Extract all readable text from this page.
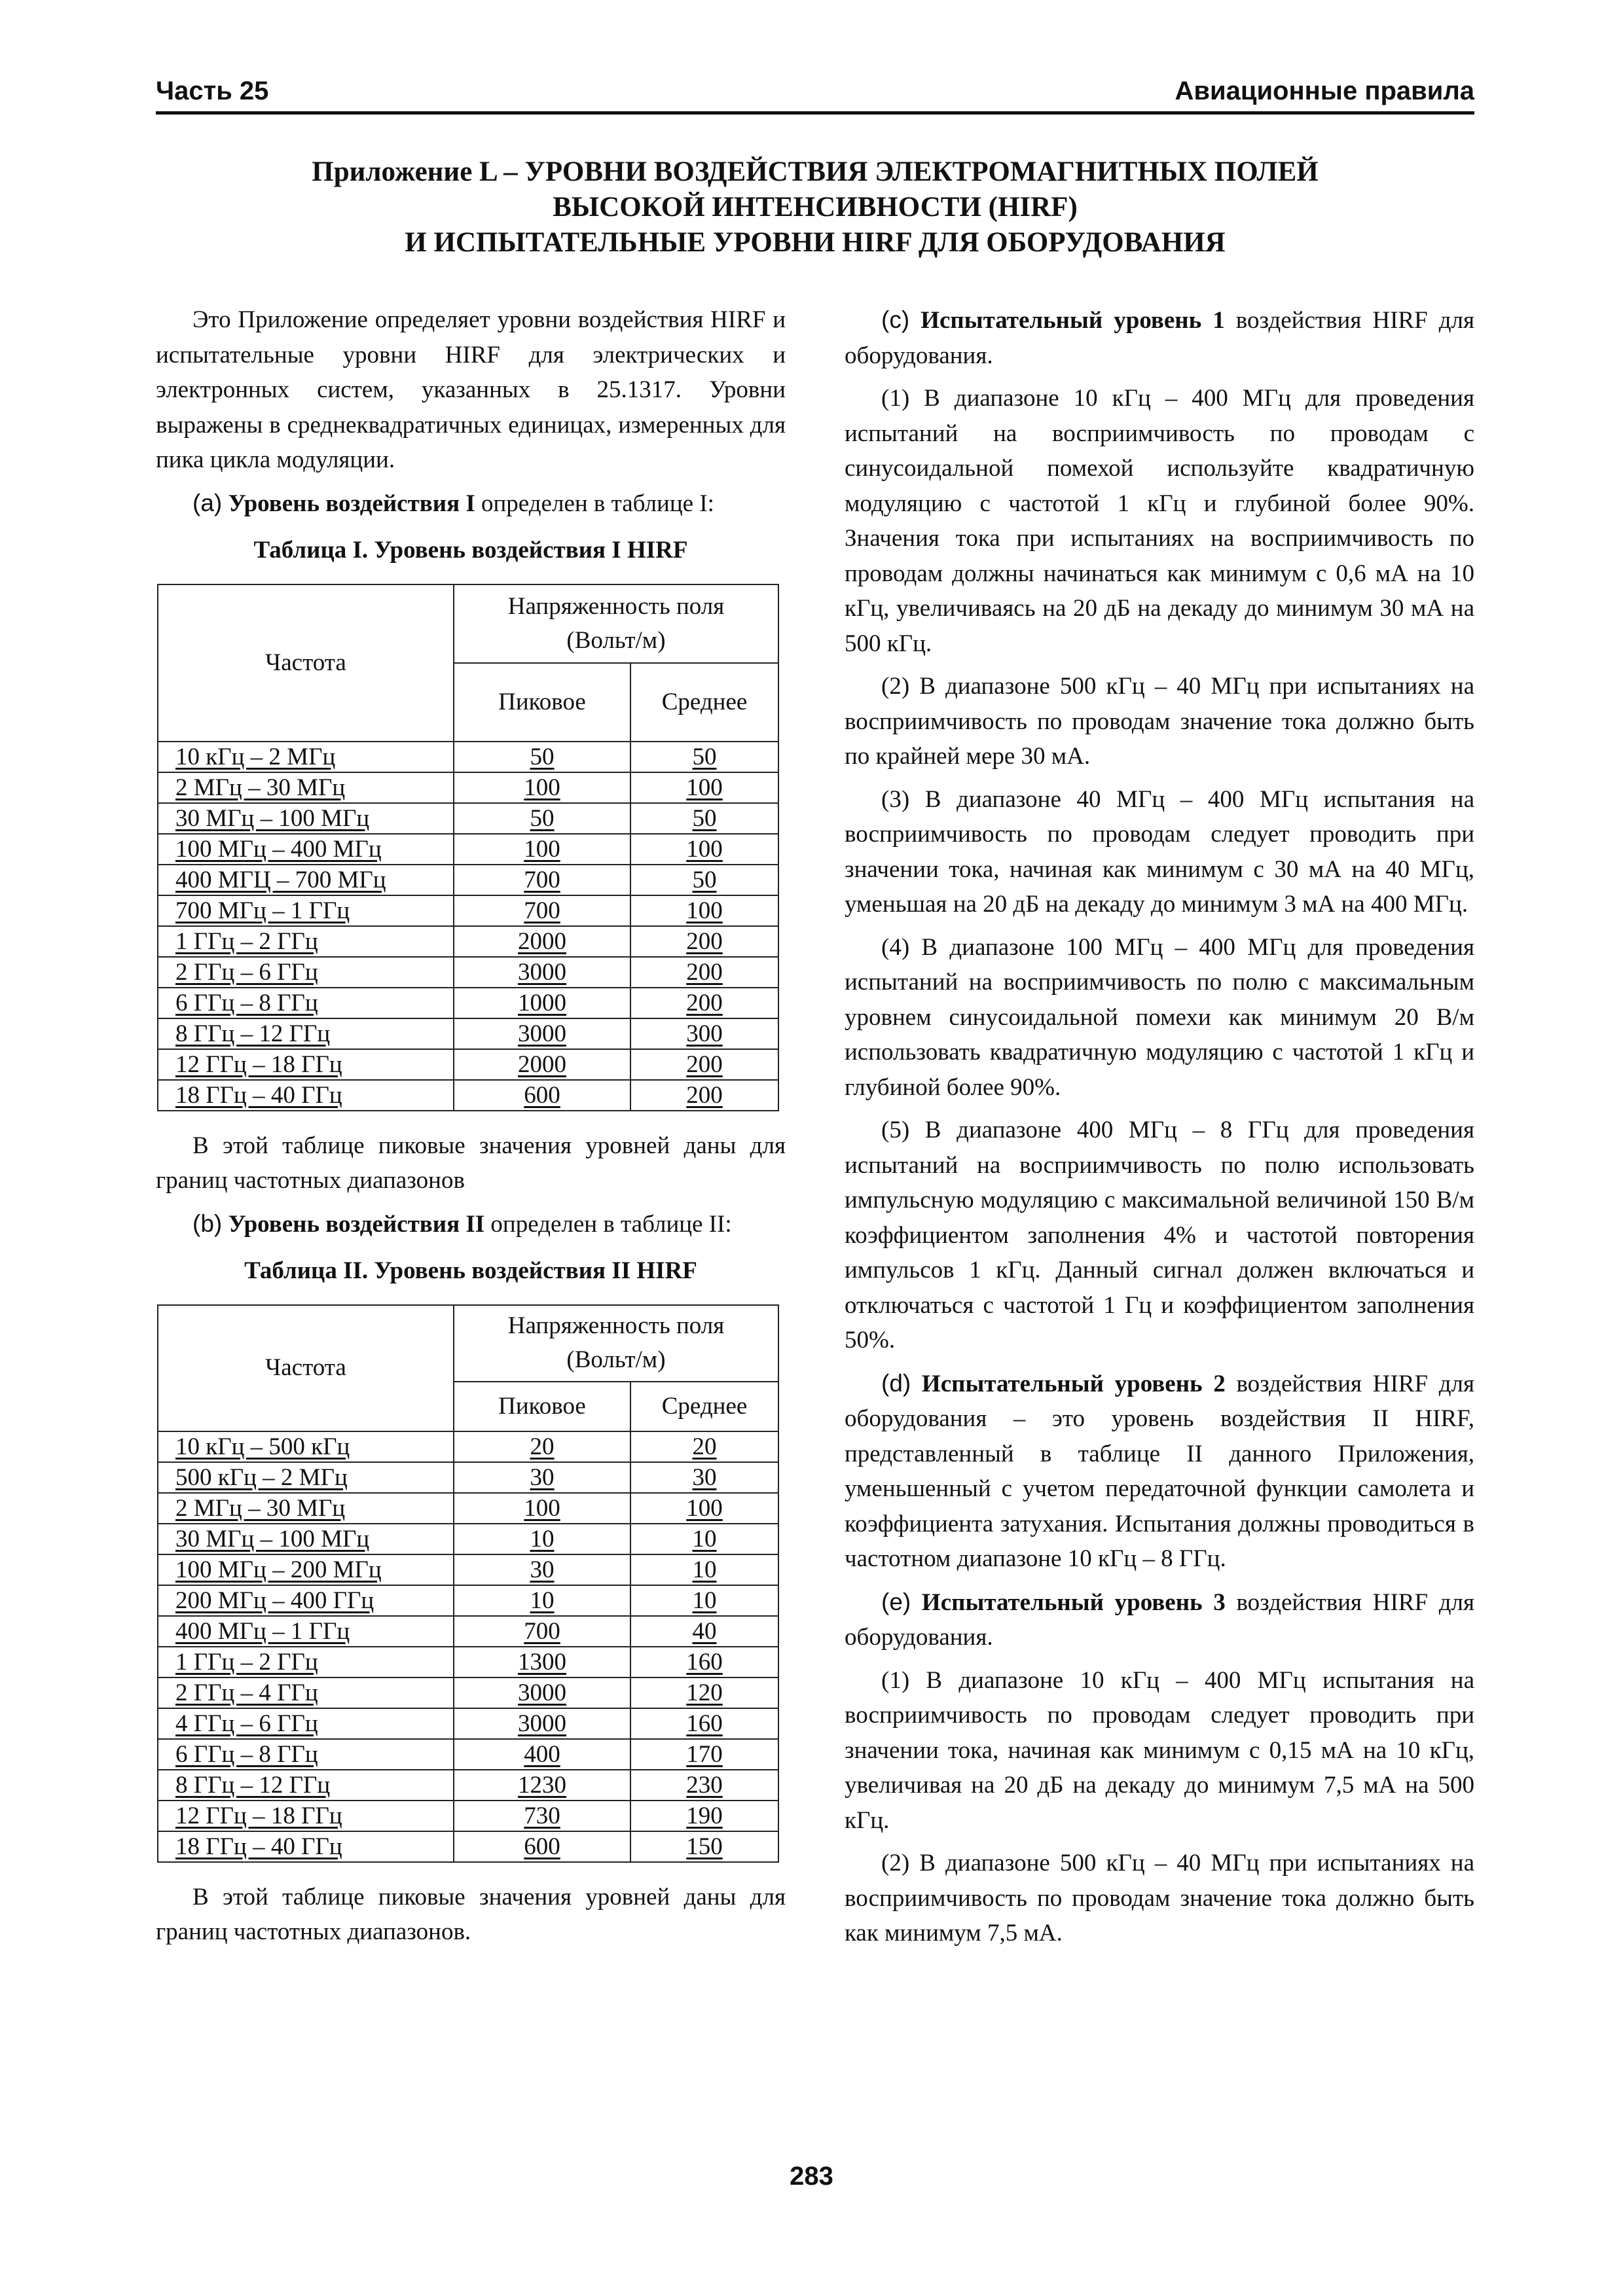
Часть 25	Авиационные правила
Приложение L – УРОВНИ ВОЗДЕЙСТВИЯ ЭЛЕКТРОМАГНИТНЫХ ПОЛЕЙ
ВЫСОКОЙ ИНТЕНСИВНОСТИ (HIRF)
И ИСПЫТАТЕЛЬНЫЕ УРОВНИ HIRF ДЛЯ ОБОРУДОВАНИЯ

Это Приложение определяет уровни воздействия HIRF и испытательные уровни HIRF для электрических и электронных систем, указанных в 25.1317. Уровни выражены в среднеквадратичных единицах, измеренных для пика цикла модуляции.

(a) Уровень воздействия I определен в таблице I:

Таблица I. Уровень воздействия I HIRF
Частота	Напряженность поля (Вольт/м)	
	Пиковое	Среднее
10 кГц – 2 МГц	50	50
2 МГц – 30 МГц	100	100
30 МГц – 100 МГц	50	50
100 МГц – 400 МГц	100	100
400 МГЦ – 700 МГц	700	50
700 МГц – 1 ГГц	700	100
1 ГГц – 2 ГГц	2000	200
2 ГГц – 6 ГГц	3000	200
6 ГГц – 8 ГГц	1000	200
8 ГГц – 12 ГГц	3000	300
12 ГГц – 18 ГГц	2000	200
18 ГГц – 40 ГГц	600	200

В этой таблице пиковые значения уровней даны для границ частотных диапазонов

(b) Уровень воздействия II определен в таблице II:

Таблица II. Уровень воздействия II HIRF
Частота	Напряженность поля (Вольт/м)	
	Пиковое	Среднее
10 кГц – 500 кГц	20	20
500 кГц – 2 МГц	30	30
2 МГц – 30 МГц	100	100
30 МГц – 100 МГц	10	10
100 МГц – 200 МГц	30	10
200 МГц – 400 ГГц	10	10
400 МГц – 1 ГГц	700	40
1 ГГц – 2 ГГц	1300	160
2 ГГц – 4 ГГц	3000	120
4 ГГц – 6 ГГц	3000	160
6 ГГц – 8 ГГц	400	170
8 ГГц – 12 ГГц	1230	230
12 ГГц – 18 ГГц	730	190
18 ГГц – 40 ГГц	600	150

В этой таблице пиковые значения уровней даны для границ частотных диапазонов.

(c) Испытательный уровень 1 воздействия HIRF для оборудования.

(1) В диапазоне 10 кГц – 400 МГц для проведения испытаний на восприимчивость по проводам с синусоидальной помехой используйте квадратичную модуляцию с частотой 1 кГц и глубиной более 90%. Значения тока при испытаниях на восприимчивость по проводам должны начинаться как минимум с 0,6 мА на 10 кГц, увеличиваясь на 20 дБ на декаду до минимум 30 мА на 500 кГц.

(2) В диапазоне 500 кГц – 40 МГц при испытаниях на восприимчивость по проводам значение тока должно быть по крайней мере 30 мА.

(3) В диапазоне 40 МГц – 400 МГц испытания на восприимчивость по проводам следует проводить при значении тока, начиная как минимум с 30 мА на 40 МГц, уменьшая на 20 дБ на декаду до минимум 3 мА на 400 МГц.

(4) В диапазоне 100 МГц – 400 МГц для проведения испытаний на восприимчивость по полю с максимальным уровнем синусоидальной помехи как минимум 20 В/м использовать квадратичную модуляцию с частотой 1 кГц и глубиной более 90%.

(5) В диапазоне 400 МГц – 8 ГГц для проведения испытаний на восприимчивость по полю использовать импульсную модуляцию с максимальной величиной 150 В/м коэффициентом заполнения 4% и частотой повторения импульсов 1 кГц. Данный сигнал должен включаться и отключаться с частотой 1 Гц и коэффициентом заполнения 50%.

(d) Испытательный уровень 2 воздействия HIRF для оборудования – это уровень воздействия II HIRF, представленный в таблице II данного Приложения, уменьшенный с учетом передаточной функции самолета и коэффициента затухания. Испытания должны проводиться в частотном диапазоне 10 кГц – 8 ГГц.

(e) Испытательный уровень 3 воздействия HIRF для оборудования.

(1) В диапазоне 10 кГц – 400 МГц испытания на восприимчивость по проводам следует проводить при значении тока, начиная как минимум с 0,15 мА на 10 кГц, увеличивая на 20 дБ на декаду до минимум 7,5 мА на 500 кГц.

(2) В диапазоне 500 кГц – 40 МГц при испытаниях на восприимчивость по проводам значение тока должно быть как минимум 7,5 мА.

283
